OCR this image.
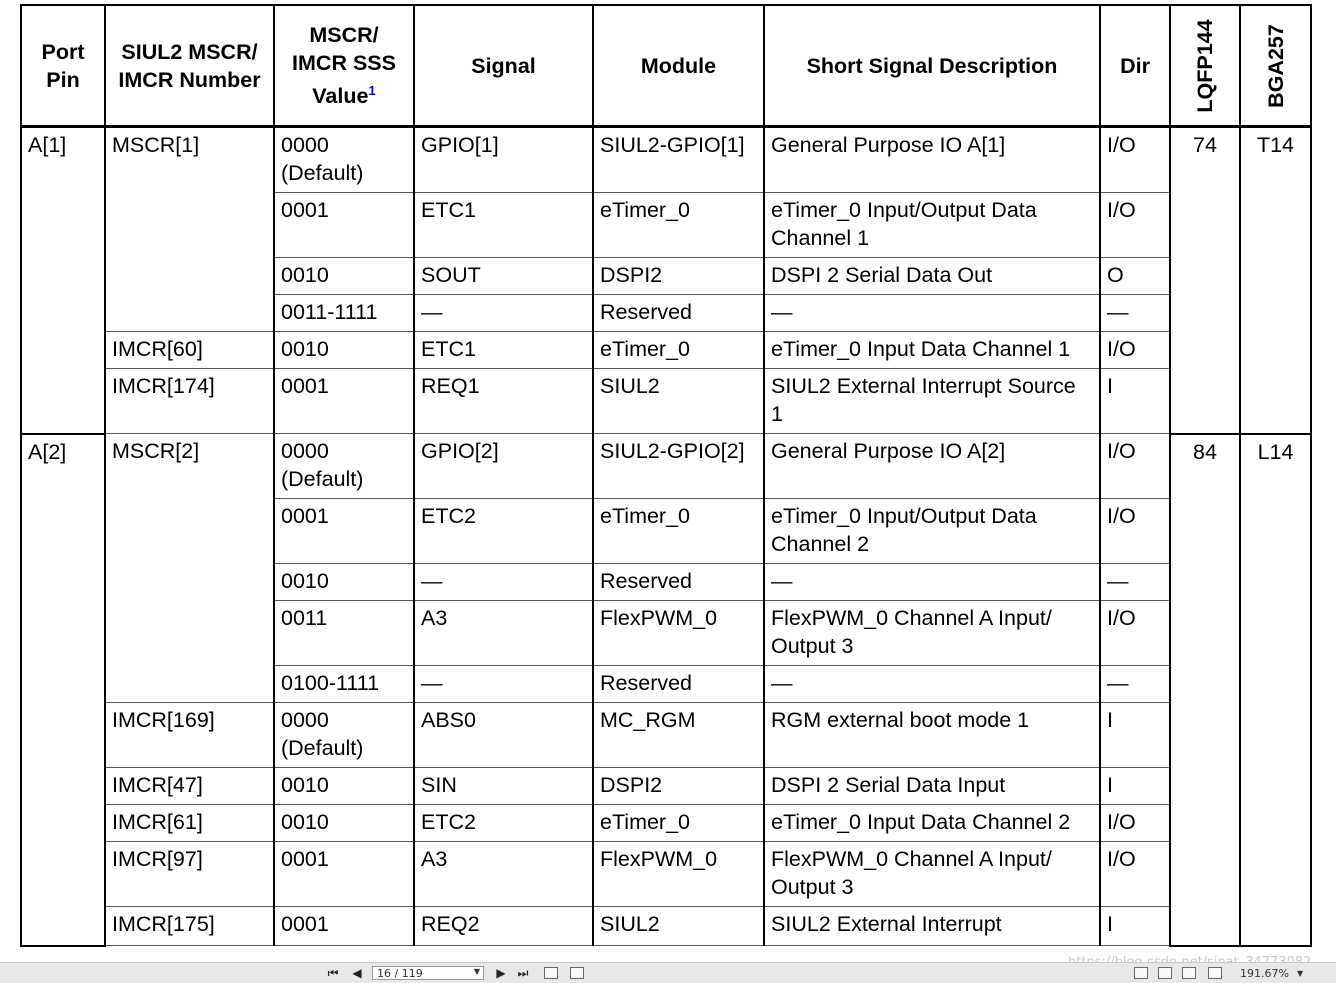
Port Pin	SIUL2 MSCR/ IMCR Number	MSCR/ IMCR SSS Value$^1$	Signal	Module	Short Signal Description	Dir	LQFP144	BGA257

A[1]	MSCR[1]	0000 (Default)	GPIO[1]	SIUL2-GPIO[1]	General Purpose IO A[1]	I/O	74	T14
		0001	ETC1	eTimer_0	eTimer_0 Input/Output Data Channel 1	I/O		
		0010	SOUT	DSPI2	DSPI 2 Serial Data Out	O		
		0011-1111	—	Reserved	—	—		
	IMCR[60]	0010	ETC1	eTimer_0	eTimer_0 Input Data Channel 1	I/O		
	IMCR[174]	0001	REQ1	SIUL2	SIUL2 External Interrupt Source 1	I		
A[2]	MSCR[2]	0000 (Default)	GPIO[2]	SIUL2-GPIO[2]	General Purpose IO A[2]	I/O	84	L14
		0001	ETC2	eTimer_0	eTimer_0 Input/Output Data Channel 2	I/O		
		0010	—	Reserved	—	—		
		0011	A3	FlexPWM_0	FlexPWM_0 Channel A Input/ Output 3	I/O		
		0100-1111	—	Reserved	—	—		
	IMCR[169]	0000 (Default)	ABS0	MC_RGM	RGM external boot mode 1	I		
	IMCR[47]	0010	SIN	DSPI2	DSPI 2 Serial Data Input	I		
	IMCR[61]	0010	ETC2	eTimer_0	eTimer_0 Input Data Channel 2	I/O		
	IMCR[97]	0001	A3	FlexPWM_0	FlexPWM_0 Channel A Input/ Output 3	I/O		
	IMCR[175]	0001	REQ2	SIUL2	SIUL2 External Interrupt	I		
⏮	◀	16 / 119	▼	▶ ⏭	191.67% ▼
